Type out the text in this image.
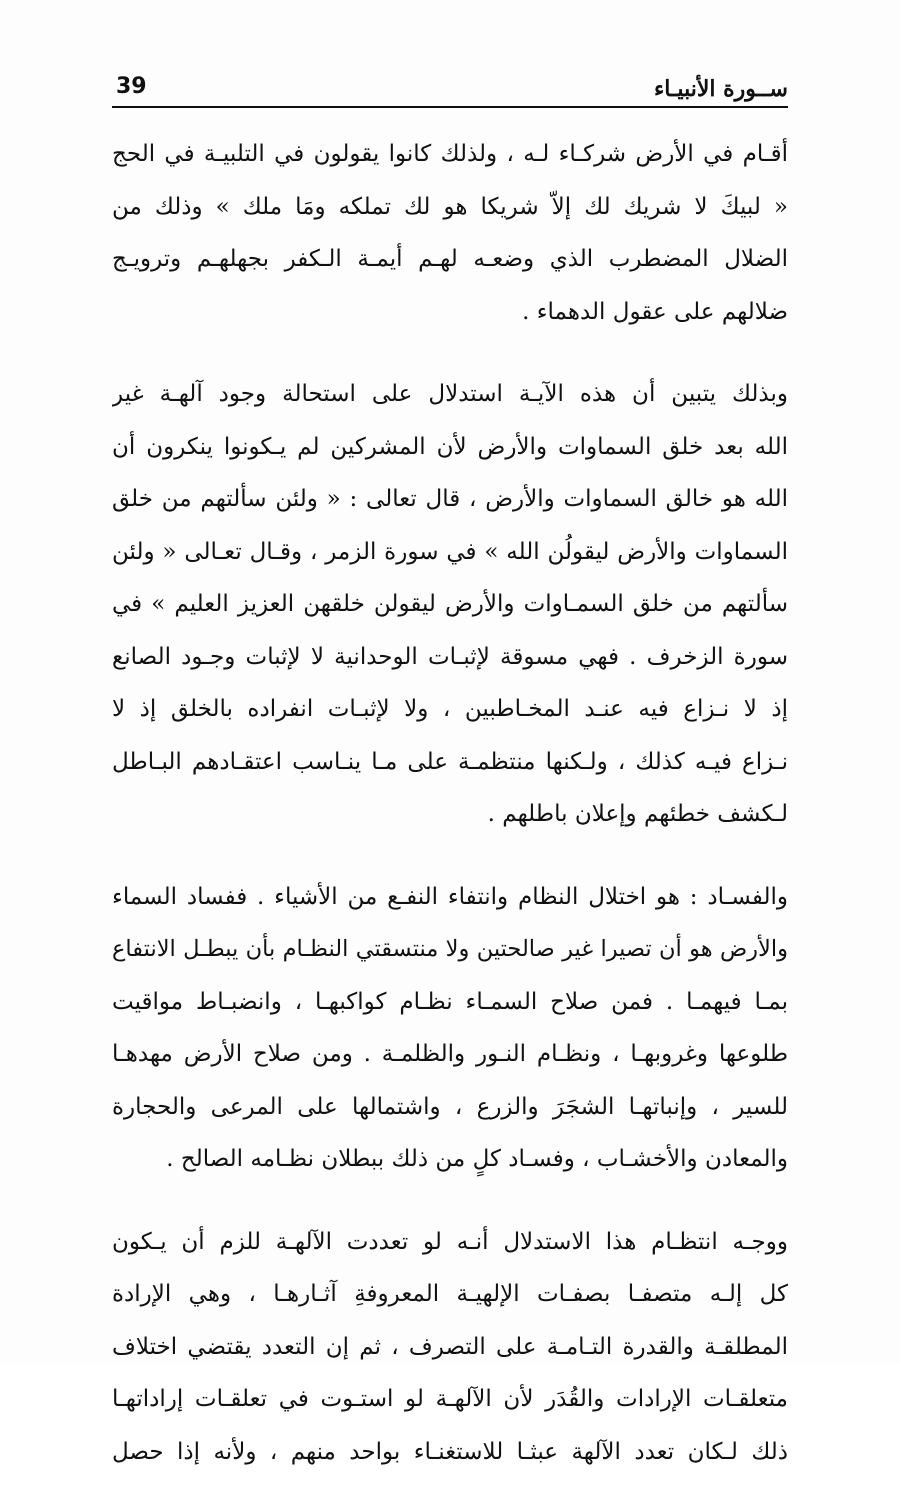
ســورة الأنبيـاء
39
أقـام في الأرض شركـاء لـه ، ولذلك كانوا يقولون في التلبيـة في الحج
« لبيكَ لا شريك لك إلاّ شريكا هو لك تملكه ومَا ملك » وذلك من
الضلال المضطرب الذي وضعـه لهـم أيمـة الـكفر بجهلهـم وترويـج
ضلالهم على عقول الدهماء .
وبذلك يتبين أن هذه الآيـة استدلال على استحالة وجود آلهـة غير
الله بعد خلق السماوات والأرض لأن المشركين لم يـكونوا ينكرون أن
الله هو خالق السماوات والأرض ، قال تعالى : « ولئن سألتهم من خلق
السماوات والأرض ليقولُن الله » في سورة الزمر ، وقـال تعـالى « ولئن
سألتهم من خلق السمـاوات والأرض ليقولن خلقهن العزيز العليم » في
سورة الزخرف . فهي مسوقة لإثبـات الوحدانية لا لإثبات وجـود الصانع
إذ لا نـزاع فيه عنـد المخـاطبين ، ولا لإثبـات انفراده بالخلق إذ لا
نـزاع فيـه كذلك ، ولـكنها منتظمـة على مـا ينـاسب اعتقـادهم البـاطل
لـكشف خطئهم وإعلان باطلهم .
والفسـاد : هو اختلال النظام وانتفاء النفـع من الأشياء . ففساد السماء
والأرض هو أن تصيرا غير صالحتين ولا منتسقتي النظـام بأن يبطـل الانتفاع
بمـا فيهمـا . فمن صلاح السمـاء نظـام كواكبهـا ، وانضبـاط مواقيت
طلوعها وغروبهـا ، ونظـام النـور والظلمـة . ومن صلاح الأرض مهدهـا
للسير ، وإنباتهـا الشجَرَ والزرع ، واشتمالها على المرعى والحجارة
والمعادن والأخشـاب ، وفسـاد كلٍ من ذلك ببطلان نظـامه الصالح .
ووجـه انتظـام هذا الاستدلال أنـه لو تعددت الآلهـة للزم أن يـكون
كل إلـه متصفـا بصفـات الإلهيـة المعروفةِ آثـارهـا ، وهي الإرادة
المطلقـة والقدرة التـامـة على التصرف ، ثم إن التعدد يقتضي اختلاف
متعلقـات الإرادات والقُدَر لأن الآلهـة لو استـوت في تعلقـات إراداتهـا
ذلك لـكان تعدد الآلهة عبثـا للاستغنـاء بواحد منهم ، ولأنه إذا حصل
